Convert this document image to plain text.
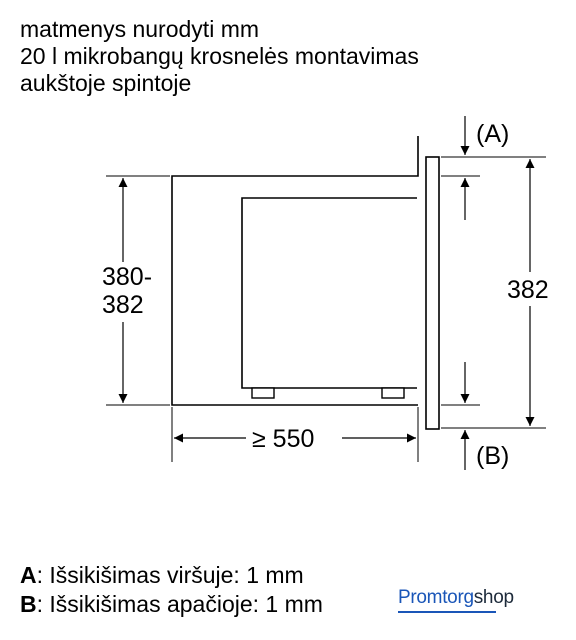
matmenys nurodyti mm
20 l mikrobangų krosnelės montavimas
aukštoje spintoje
380-
382
382
(A)
(B)
≥ 550
A: Išsikišimas viršuje: 1 mm
B: Išsikišimas apačioje: 1 mm	Promtorgshop
